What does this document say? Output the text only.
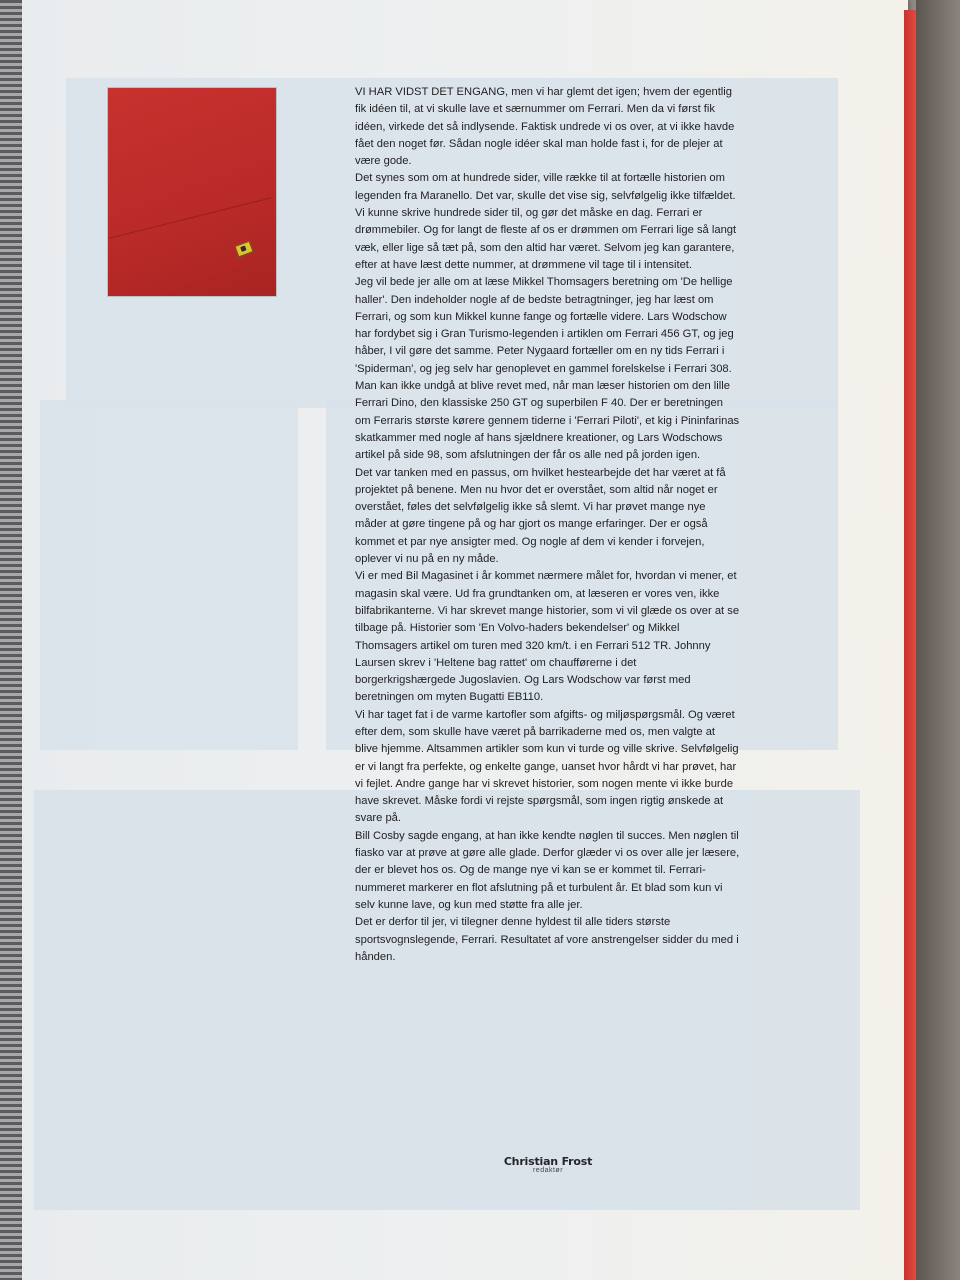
VI HAR VIDST DET ENGANG, men vi har glemt det igen; hvem der egentlig fik idéen til, at vi skulle lave et særnummer om Ferrari. Men da vi først fik idéen, virkede det så indlysende. Faktisk undrede vi os over, at vi ikke havde fået den noget før. Sådan nogle idéer skal man holde fast i, for de plejer at være gode.

Det synes som om at hundrede sider, ville række til at fortælle historien om legenden fra Maranello. Det var, skulle det vise sig, selvfølgelig ikke tilfældet. Vi kunne skrive hundrede sider til, og gør det måske en dag. Ferrari er drømmebiler. Og for langt de fleste af os er drømmen om Ferrari lige så langt væk, eller lige så tæt på, som den altid har været. Selvom jeg kan garantere, efter at have læst dette nummer, at drømmene vil tage til i intensitet.

Jeg vil bede jer alle om at læse Mikkel Thomsagers beretning om 'De hellige haller'. Den indeholder nogle af de bedste betragtninger, jeg har læst om Ferrari, og som kun Mikkel kunne fange og fortælle videre. Lars Wodschow har fordybet sig i Gran Turismo-legenden i artiklen om Ferrari 456 GT, og jeg håber, I vil gøre det samme. Peter Nygaard fortæller om en ny tids Ferrari i 'Spiderman', og jeg selv har genoplevet en gammel forelskelse i Ferrari 308.

Man kan ikke undgå at blive revet med, når man læser historien om den lille Ferrari Dino, den klassiske 250 GT og superbilen F 40. Der er beretningen om Ferraris største kørere gennem tiderne i 'Ferrari Piloti', et kig i Pininfarinas skatkammer med nogle af hans sjældnere kreationer, og Lars Wodschows artikel på side 98, som afslutningen der får os alle ned på jorden igen.

Det var tanken med en passus, om hvilket hestearbejde det har været at få projektet på benene. Men nu hvor det er overstået, som altid når noget er overstået, føles det selvfølgelig ikke så slemt. Vi har prøvet mange nye måder at gøre tingene på og har gjort os mange erfaringer. Der er også kommet et par nye ansigter med. Og nogle af dem vi kender i forvejen, oplever vi nu på en ny måde.

Vi er med Bil Magasinet i år kommet nærmere målet for, hvordan vi mener, et magasin skal være. Ud fra grundtanken om, at læseren er vores ven, ikke bilfabrikanterne. Vi har skrevet mange historier, som vi vil glæde os over at se tilbage på. Historier som 'En Volvo-haders bekendelser' og Mikkel Thomsagers artikel om turen med 320 km/t. i en Ferrari 512 TR. Johnny Laursen skrev i 'Heltene bag rattet' om chaufførerne i det borgerkrigshærgede Jugoslavien. Og Lars Wodschow var først med beretningen om myten Bugatti EB110.

Vi har taget fat i de varme kartofler som afgifts- og miljøspørgsmål. Og været efter dem, som skulle have været på barrikaderne med os, men valgte at blive hjemme. Altsammen artikler som kun vi turde og ville skrive. Selvfølgelig er vi langt fra perfekte, og enkelte gange, uanset hvor hårdt vi har prøvet, har vi fejlet. Andre gange har vi skrevet historier, som nogen mente vi ikke burde have skrevet. Måske fordi vi rejste spørgsmål, som ingen rigtig ønskede at svare på.

Bill Cosby sagde engang, at han ikke kendte nøglen til succes. Men nøglen til fiasko var at prøve at gøre alle glade. Derfor glæder vi os over alle jer læsere, der er blevet hos os. Og de mange nye vi kan se er kommet til. Ferrari-nummeret markerer en flot afslutning på et turbulent år. Et blad som kun vi selv kunne lave, og kun med støtte fra alle jer.

Det er derfor til jer, vi tilegner denne hyldest til alle tiders største sportsvognslegende, Ferrari. Resultatet af vore anstrengelser sidder du med i hånden.

Christian Frost
redaktør
